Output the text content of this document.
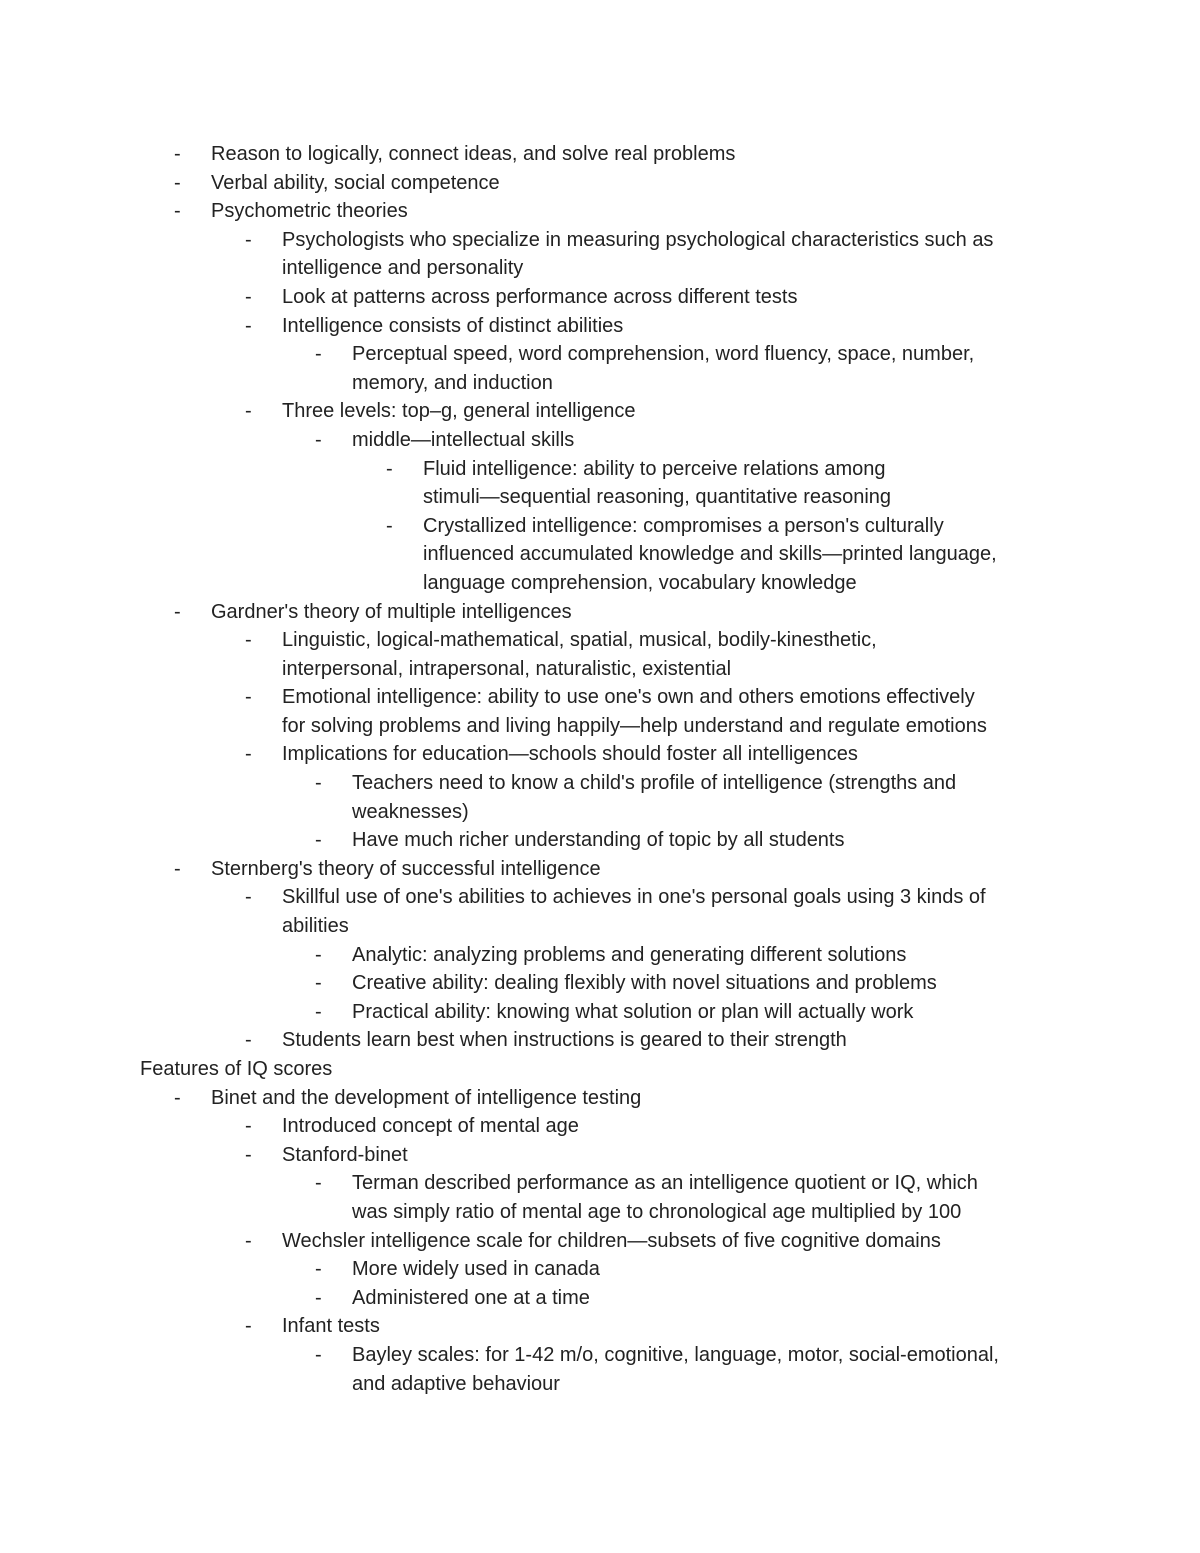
- Reason to logically, connect ideas, and solve real problems
- Verbal ability, social competence
- Psychometric theories
- Psychologists who specialize in measuring psychological characteristics such as
intelligence and personality
- Look at patterns across performance across different tests
- Intelligence consists of distinct abilities
- Perceptual speed, word comprehension, word fluency, space, number,
memory, and induction
- Three levels: top–g, general intelligence
- middle—intellectual skills
- Fluid intelligence: ability to perceive relations among
stimuli—sequential reasoning, quantitative reasoning
- Crystallized intelligence: compromises a person's culturally
influenced accumulated knowledge and skills—printed language,
language comprehension, vocabulary knowledge
- Gardner's theory of multiple intelligences
- Linguistic, logical-mathematical, spatial, musical, bodily-kinesthetic,
interpersonal, intrapersonal, naturalistic, existential
- Emotional intelligence: ability to use one's own and others emotions effectively
for solving problems and living happily—help understand and regulate emotions
- Implications for education—schools should foster all intelligences
- Teachers need to know a child's profile of intelligence (strengths and
weaknesses)
- Have much richer understanding of topic by all students
- Sternberg's theory of successful intelligence
- Skillful use of one's abilities to achieves in one's personal goals using 3 kinds of
abilities
- Analytic: analyzing problems and generating different solutions
- Creative ability: dealing flexibly with novel situations and problems
- Practical ability: knowing what solution or plan will actually work
- Students learn best when instructions is geared to their strength
Features of IQ scores
- Binet and the development of intelligence testing
- Introduced concept of mental age
- Stanford-binet
- Terman described performance as an intelligence quotient or IQ, which
was simply ratio of mental age to chronological age multiplied by 100
- Wechsler intelligence scale for children—subsets of five cognitive domains
- More widely used in canada
- Administered one at a time
- Infant tests
- Bayley scales: for 1-42 m/o, cognitive, language, motor, social-emotional,
and adaptive behaviour
